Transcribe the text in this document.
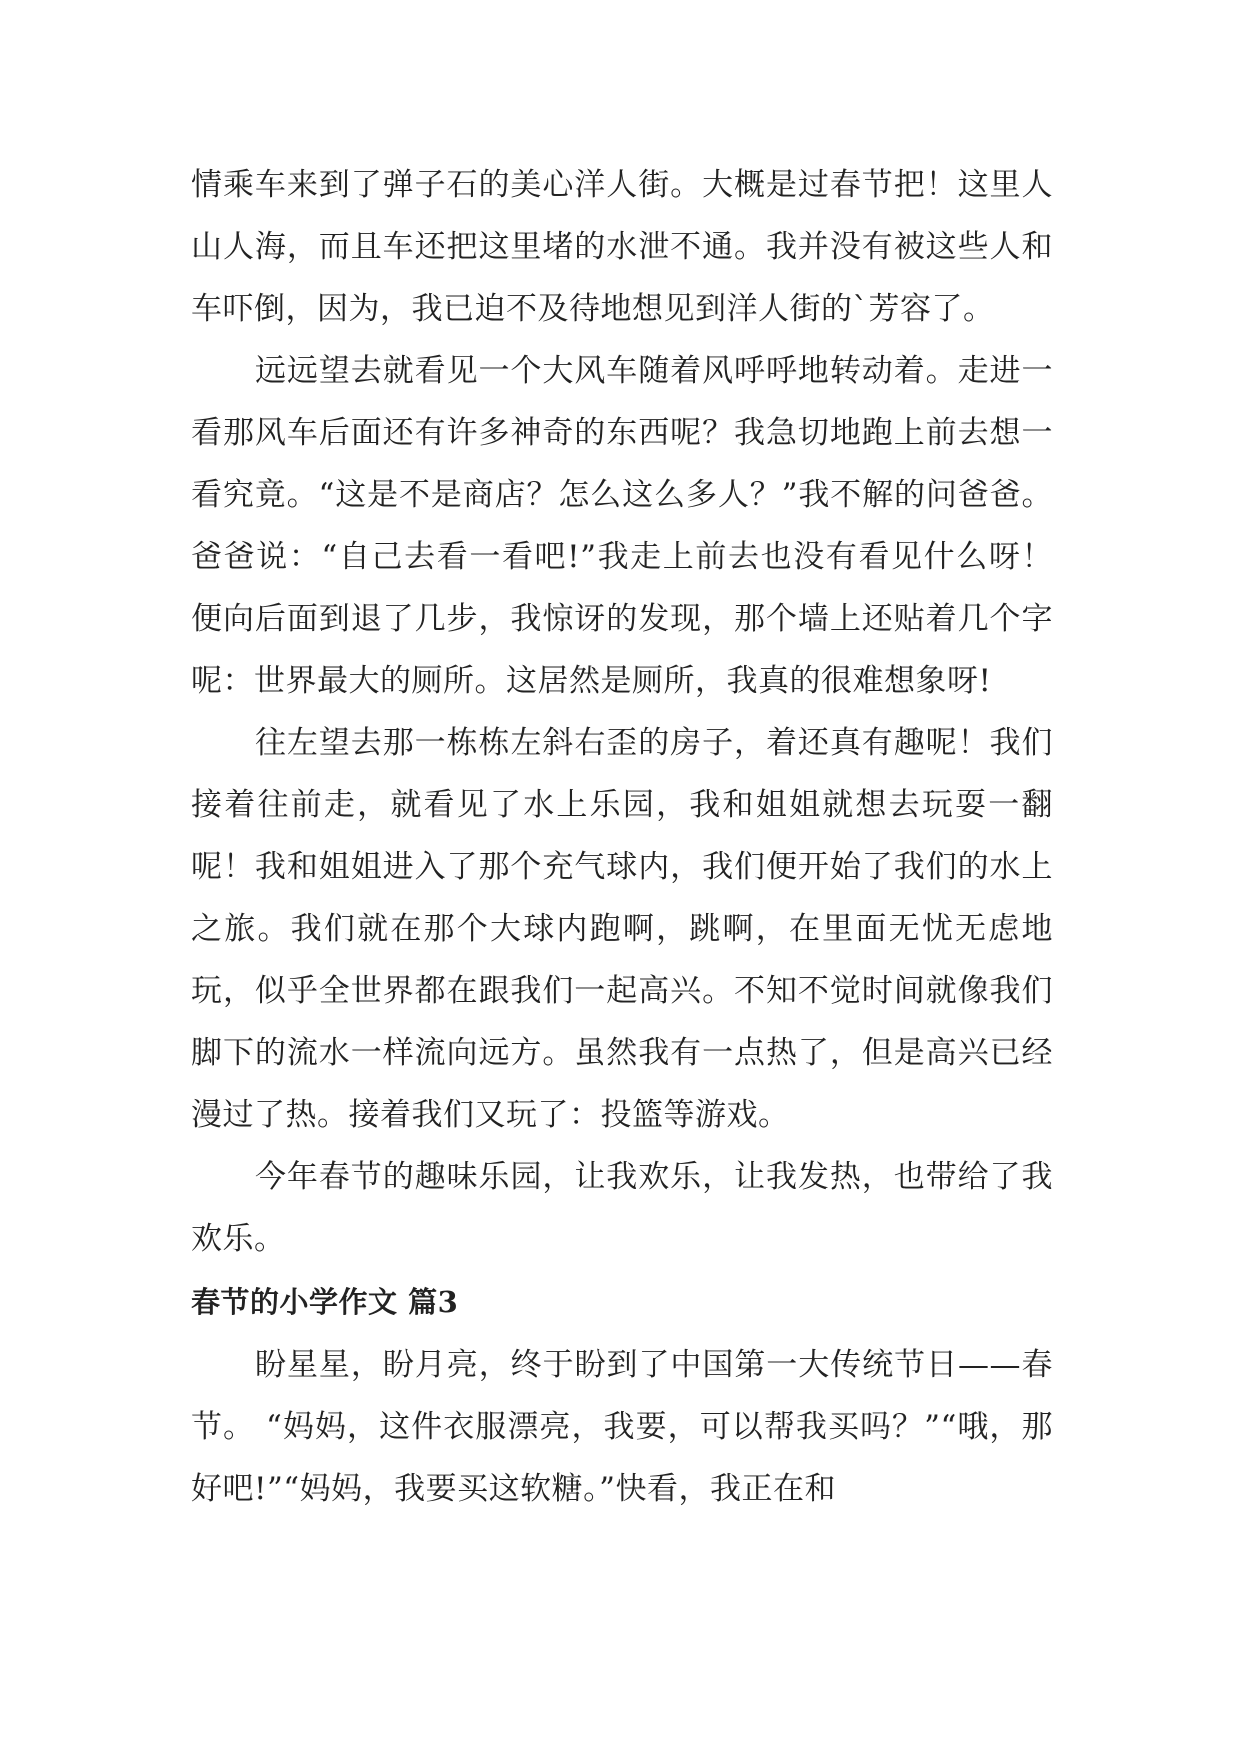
情乘车来到了弹子石的美心洋人街。大概是过春节把！这里人山人海，而且车还把这里堵的水泄不通。我并没有被这些人和车吓倒，因为，我已迫不及待地想见到洋人街的`芳容了。

远远望去就看见一个大风车随着风呼呼地转动着。走进一看那风车后面还有许多神奇的东西呢？我急切地跑上前去想一看究竟。“这是不是商店？怎么这么多人？”我不解的问爸爸。爸爸说：“自己去看一看吧!”我走上前去也没有看见什么呀！便向后面到退了几步，我惊讶的发现，那个墙上还贴着几个字呢：世界最大的厕所。这居然是厕所，我真的很难想象呀!

往左望去那一栋栋左斜右歪的房子，着还真有趣呢！我们接着往前走，就看见了水上乐园，我和姐姐就想去玩耍一翻呢！我和姐姐进入了那个充气球内，我们便开始了我们的水上之旅。我们就在那个大球内跑啊，跳啊，在里面无忧无虑地玩，似乎全世界都在跟我们一起高兴。不知不觉时间就像我们脚下的流水一样流向远方。虽然我有一点热了，但是高兴已经漫过了热。接着我们又玩了：投篮等游戏。

今年春节的趣味乐园，让我欢乐，让我发热，也带给了我欢乐。

春节的小学作文 篇3

盼星星，盼月亮，终于盼到了中国第一大传统节日——春节。 “妈妈，这件衣服漂亮，我要，可以帮我买吗？”“哦，那好吧!”“妈妈，我要买这软糖。”快看，我正在和
